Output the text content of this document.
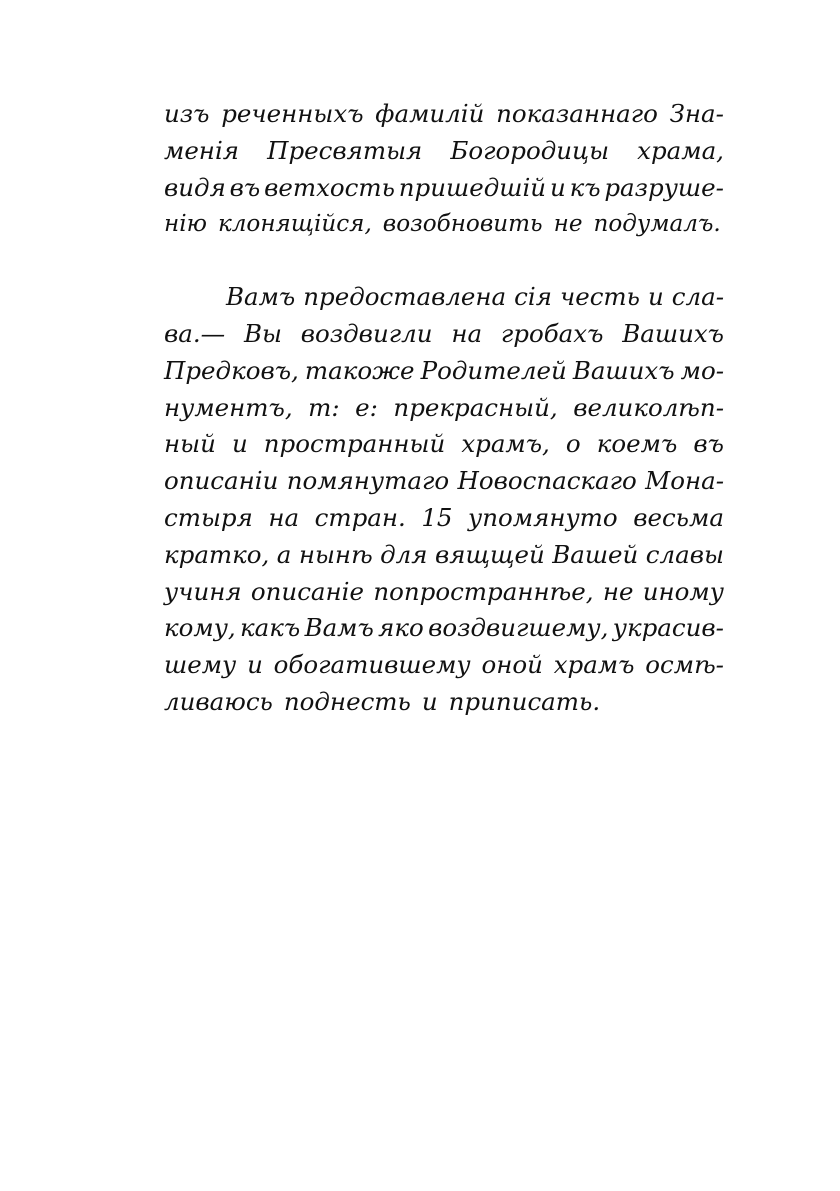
изъ реченныхъ фамилій показаннаго Зна-
менія Пресвятыя Богородицы храма,
видя въ ветхость пришедшій и къ разруше-
нію клонящійся, возобновить не подумалъ.
Вамъ предоставлена сія честь и сла-
ва.— Вы воздвигли на гробахъ Вашихъ
Предковъ, такоже Родителей Вашихъ мо-
нументъ, т: е: прекрасный, великолѣп-
ный и пространный храмъ, о коемъ въ
описаніи помянутаго Новоспаскаго Мона-
стыря на стран. 15 упомянуто весьма
кратко, а нынѣ для вящщей Вашей славы
учиня описаніе попространнѣе, не иному
кому, какъ Вамъ яко воздвигшему, украсив-
шему и обогатившему оной храмъ осмѣ-
ливаюсь поднесть и приписать.
